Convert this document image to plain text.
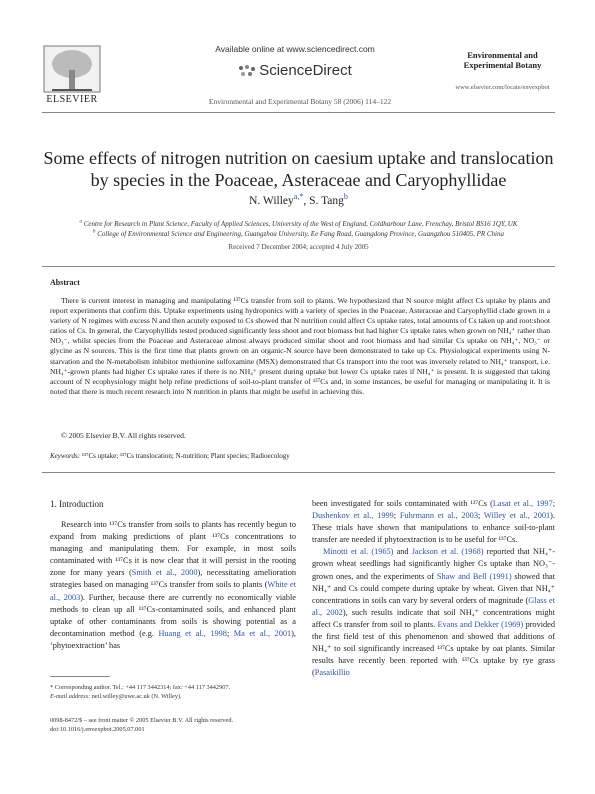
ELSEVIER
Available online at www.sciencedirect.com
ScienceDirect
Environmental and Experimental Botany 58 (2006) 114–122
Environmental and Experimental Botany
www.elsevier.com/locate/envexpbot
Some effects of nitrogen nutrition on caesium uptake and translocation by species in the Poaceae, Asteraceae and Caryophyllidae
N. Willey$^{a,*}$, S. Tang$^b$
$^a$ Centre for Research in Plant Science, Faculty of Applied Sciences, University of the West of England, Coldharbour Lane, Frenchay, Bristol BS16 1QY, UK
$^b$ College of Environmental Science and Engineering, Guangzhou University, Ee Fang Road, Guangdong Province, Guangzhou 510405, PR China
Received 7 December 2004; accepted 4 July 2005
Abstract
There is current interest in managing and manipulating ¹³⁷Cs transfer from soil to plants. We hypothesized that N source might affect Cs uptake by plants and report experiments that confirm this. Uptake experiments using hydroponics with a variety of species in the Poaceae, Asteraceae and Caryophyllid clade grown in a variety of N regimes with excess N and then acutely exposed to Cs showed that N nutrition could affect Cs uptake rates, total amounts of Cs taken up and root:shoot ratios of Cs. In general, the Caryophyllids tested produced significantly less shoot and root biomass but had higher Cs uptake rates when grown on NH₄⁺ rather than NO₃⁻, whilst species from the Poaceae and Asteraceae almost always produced similar shoot and root biomass and had similar Cs uptake on NH₄⁺, NO₃⁻ or glycine as N sources. This is the first time that plants grown on an organic-N source have been demonstrated to take up Cs. Physiological experiments using N-starvation and the N-metabolism inhibitor methionine sulfoxamine (MSX) demonstrated that Cs transport into the root was inversely related to NH₄⁺ transport, i.e. NH₄⁺-grown plants had higher Cs uptake rates if there is no NH₄⁺ present during uptake but lower Cs uptake rates if NH₄⁺ is present. It is suggested that taking account of N ecophysiology might help refine predictions of soil-to-plant transfer of ¹³⁷Cs and, in some instances, be useful for managing or manipulating it. It is noted that there is much recent research into N nutrition in plants that might be useful in achieving this.
© 2005 Elsevier B.V. All rights reserved.
Keywords: ¹³⁷Cs uptake; ¹³⁷Cs translocation; N-nutrition; Plant species; Radioecology
1. Introduction
Research into ¹³⁷Cs transfer from soils to plants has recently begun to expand from making predictions of plant ¹³⁷Cs concentrations to managing and manipulating them. For example, in most soils contaminated with ¹³⁷Cs it is now clear that it will persist in the rooting zone for many years (Smith et al., 2000), necessitating amelioration strategies based on managing ¹³⁷Cs transfer from soils to plants (White et al., 2003). Further, because there are currently no economically viable methods to clean up all ¹³⁷Cs-contaminated soils, and enhanced plant uptake of other contaminants from soils is showing potential as a decontamination method (e.g. Huang et al., 1998; Ma et al., 2001), ‘phytoextraction’ has

been investigated for soils contaminated with ¹³⁷Cs (Lasat et al., 1997; Dushenkov et al., 1999; Fuhrmann et al., 2003; Willey et al., 2001). These trials have shown that manipulations to enhance soil-to-plant transfer are needed if phytoextraction is to be useful for ¹³⁷Cs.

Minotti et al. (1965) and Jackson et al. (1968) reported that NH₄⁺-grown wheat seedlings had significantly higher Cs uptake than NO₃⁻-grown ones, and the experiments of Shaw and Bell (1991) showed that NH₄⁺ and Cs could compete during uptake by wheat. Given that NH₄⁺ concentrations in soils can vary by several orders of magnitude (Glass et al., 2002), such results indicate that soil NH₄⁺ concentrations might affect Cs transfer from soil to plants. Evans and Dekker (1969) provided the first field test of this phenomenon and showed that additions of NH₄⁺ to soil significantly increased ¹³⁷Cs uptake by oat plants. Similar results have recently been reported with ¹³⁷Cs uptake by rye grass (Pasaikillio

* Corresponding author. Tel.: +44 117 3442314; fax: +44 117 3442907.
E-mail address: neil.willey@uwe.ac.uk (N. Willey).
0098-8472/$ – see front matter © 2005 Elsevier B.V. All rights reserved.
doi:10.1016/j.envexpbot.2005.07.001
